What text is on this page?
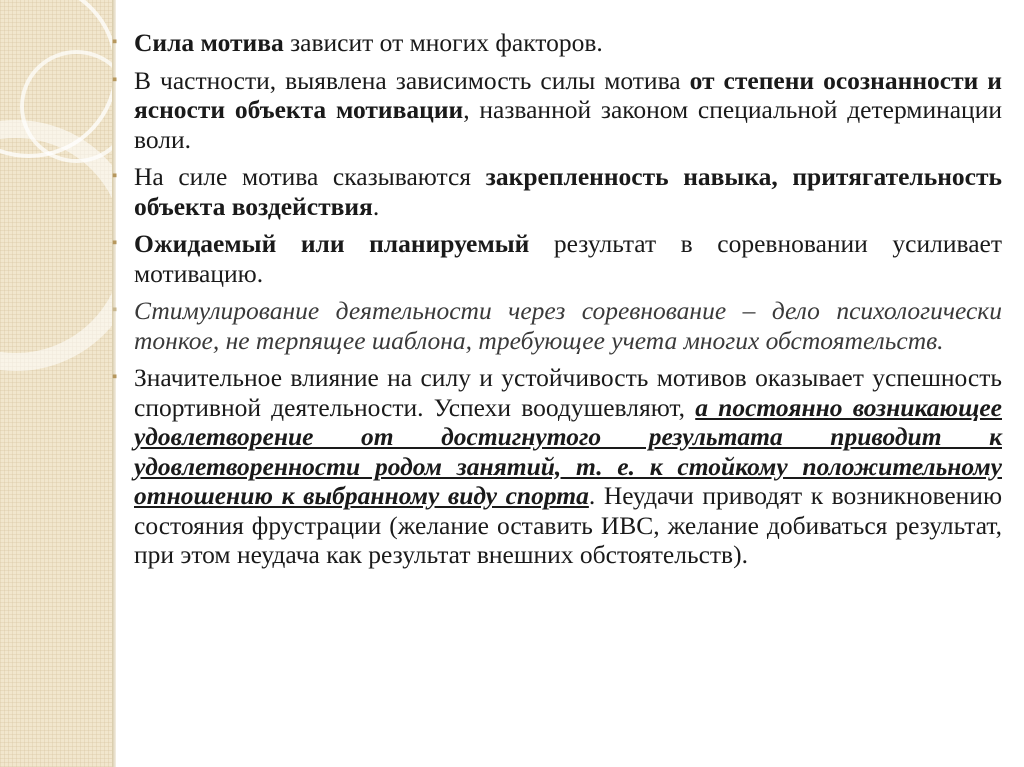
▪ Сила мотива зависит от многих факторов.
▪ В частности, выявлена зависимость силы мотива от степени осознанности и ясности объекта мотивации, названной законом специальной детерминации воли.
▪ На силе мотива сказываются закрепленность навыка, притягательность объекта воздействия.
▪ Ожидаемый или планируемый результат в соревновании усиливает мотивацию.
▪ Стимулирование деятельности через соревнование – дело психологически тонкое, не терпящее шаблона, требующее учета многих обстоятельств.
▪ Значительное влияние на силу и устойчивость мотивов оказывает успешность спортивной деятельности. Успехи воодушевляют, а постоянно возникающее удовлетворение от достигнутого результата приводит к удовлетворенности родом занятий, т. е. к стойкому положительному отношению к выбранному виду спорта. Неудачи приводят к возникновению состояния фрустрации (желание оставить ИВС, желание добиваться результат, при этом неудача как результат внешних обстоятельств).
